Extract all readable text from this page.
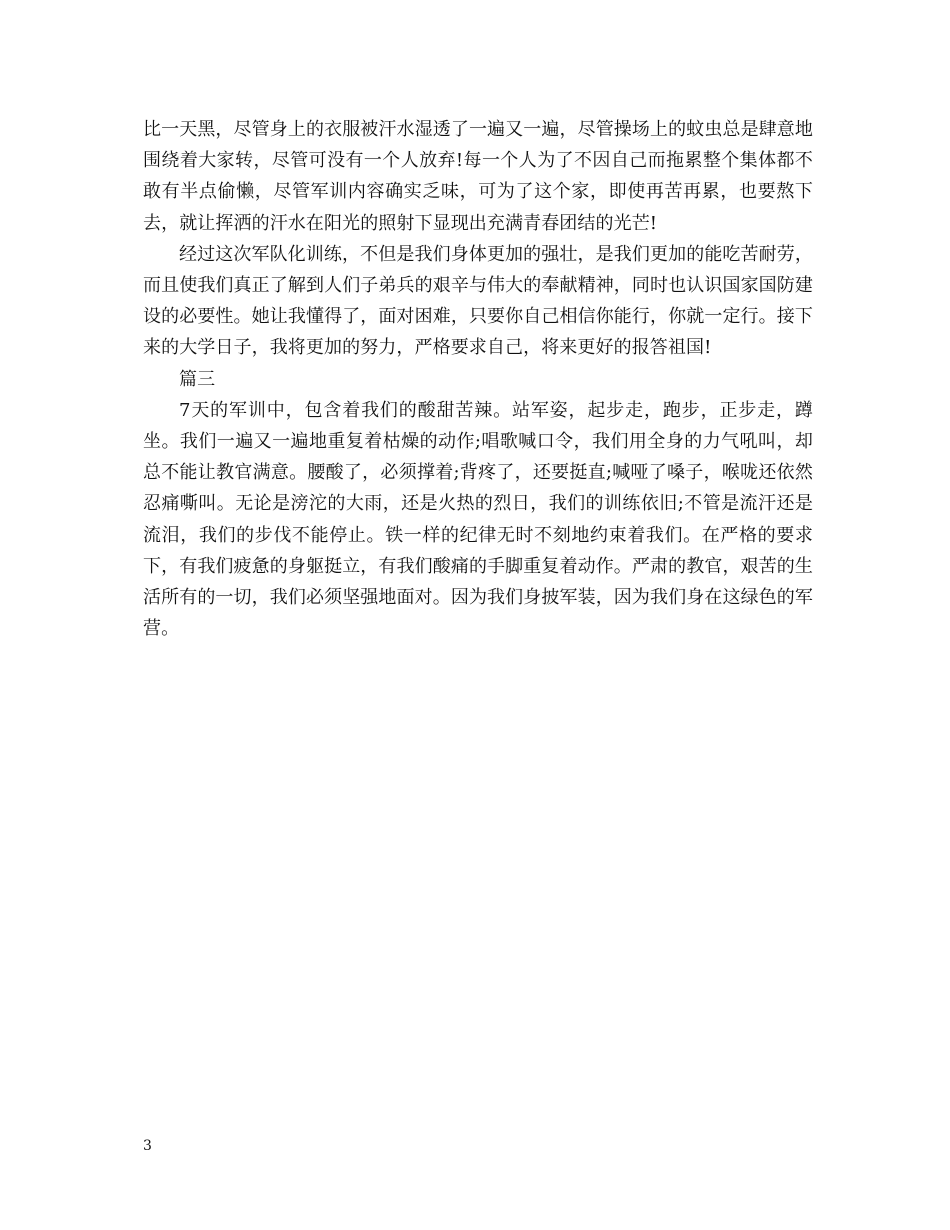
比一天黑，尽管身上的衣服被汗水湿透了一遍又一遍，尽管操场上的蚊虫总是肆意地围绕着大家转，尽管可没有一个人放弃!每一个人为了不因自己而拖累整个集体都不敢有半点偷懒，尽管军训内容确实乏味，可为了这个家，即使再苦再累，也要熬下去，就让挥洒的汗水在阳光的照射下显现出充满青春团结的光芒!

经过这次军队化训练，不但是我们身体更加的强壮，是我们更加的能吃苦耐劳，而且使我们真正了解到人们子弟兵的艰辛与伟大的奉献精神，同时也认识国家国防建设的必要性。她让我懂得了，面对困难，只要你自己相信你能行，你就一定行。接下来的大学日子，我将更加的努力，严格要求自己，将来更好的报答祖国!

篇三

7天的军训中，包含着我们的酸甜苦辣。站军姿，起步走，跑步，正步走，蹲坐。我们一遍又一遍地重复着枯燥的动作;唱歌喊口令，我们用全身的力气吼叫，却总不能让教官满意。腰酸了，必须撑着;背疼了，还要挺直;喊哑了嗓子，喉咙还依然忍痛嘶叫。无论是滂沱的大雨，还是火热的烈日，我们的训练依旧;不管是流汗还是流泪，我们的步伐不能停止。铁一样的纪律无时不刻地约束着我们。在严格的要求下，有我们疲惫的身躯挺立，有我们酸痛的手脚重复着动作。严肃的教官，艰苦的生活所有的一切，我们必须坚强地面对。因为我们身披军装，因为我们身在这绿色的军营。

3
